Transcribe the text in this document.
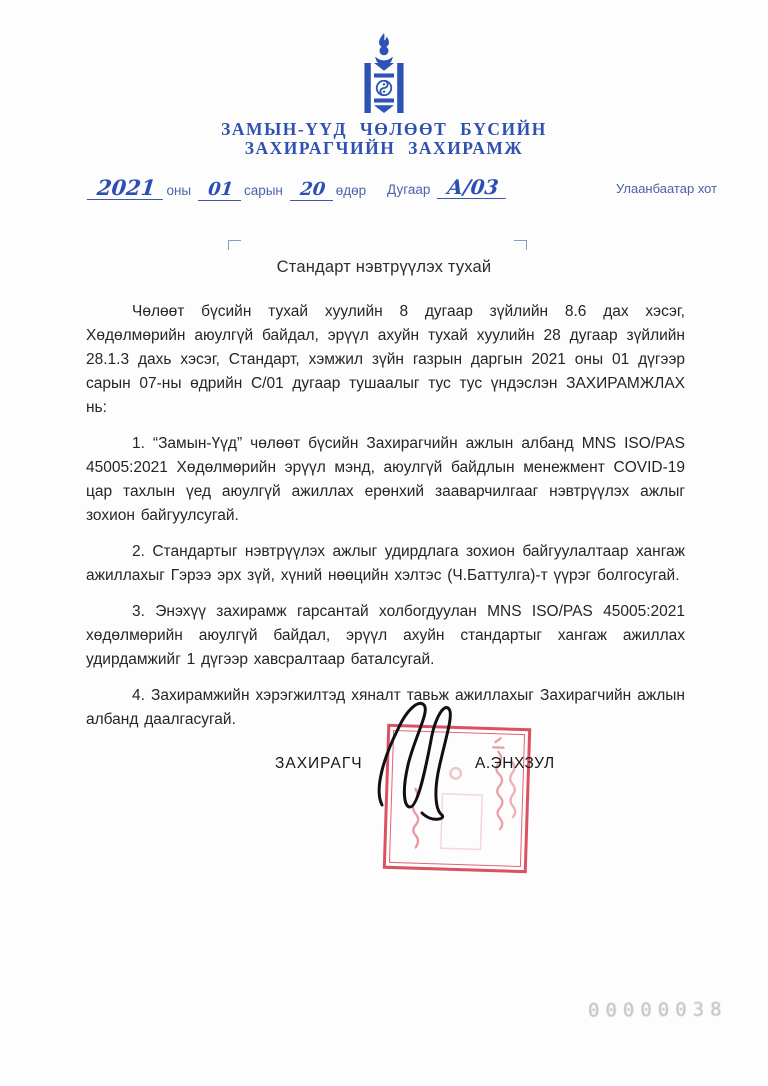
ЗАМЫН-ҮҮД ЧӨЛӨӨТ БҮСИЙН
ЗАХИРАГЧИЙН ЗАХИРАМЖ
2021 оны 01 сарын 20 өдөр Дугаар А/03	Улаанбаатар хот
Стандарт нэвтрүүлэх тухай

Чөлөөт бүсийн тухай хуулийн 8 дугаар зүйлийн 8.6 дах хэсэг, Хөдөлмөрийн аюулгүй байдал, эрүүл ахуйн тухай хуулийн 28 дугаар зүйлийн 28.1.3 дахь хэсэг, Стандарт, хэмжил зүйн газрын даргын 2021 оны 01 дүгээр сарын 07-ны өдрийн С/01 дугаар тушаалыг тус тус үндэслэн ЗАХИРАМЖЛАХ нь:

1. “Замын-Үүд” чөлөөт бүсийн Захирагчийн ажлын албанд MNS ISO/PAS 45005:2021 Хөдөлмөрийн эрүүл мэнд, аюулгүй байдлын менежмент COVID-19 цар тахлын үед аюулгүй ажиллах ерөнхий зааварчилгааг нэвтрүүлэх ажлыг зохион байгуулсугай.

2. Стандартыг нэвтрүүлэх ажлыг удирдлага зохион байгуулалтаар хангаж ажиллахыг Гэрээ эрх зүй, хүний нөөцийн хэлтэс (Ч.Баттулга)-т үүрэг болгосугай.

3. Энэхүү захирамж гарсантай холбогдуулан MNS ISO/PAS 45005:2021 хөдөлмөрийн аюулгүй байдал, эрүүл ахуйн стандартыг хангаж ажиллах удирдамжийг 1 дүгээр хавсралтаар баталсугай.

4. Захирамжийн хэрэгжилтэд хяналт тавьж ажиллахыг Захирагчийн ажлын албанд даалгасугай.

ЗАХИРАГЧ	А.ЭНХЗУЛ
00000038
